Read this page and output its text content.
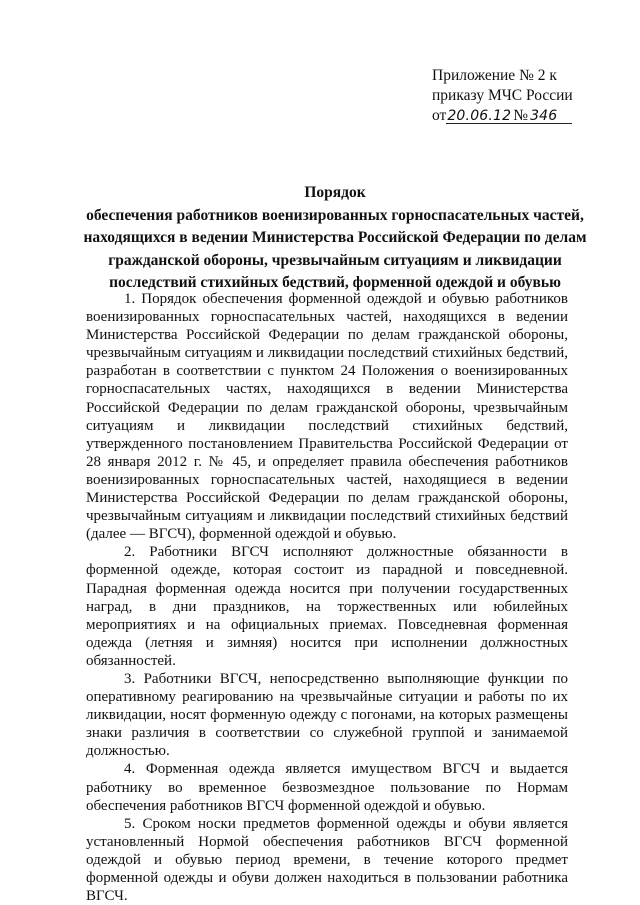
Приложение № 2 к
приказу МЧС России
от20.06.12 № 346
Порядок
обеспечения работников военизированных горноспасательных частей,
находящихся в ведении Министерства Российской Федерации по делам
гражданской обороны, чрезвычайным ситуациям и ликвидации
последствий стихийных бедствий, форменной одеждой и обувью

1. Порядок обеспечения форменной одеждой и обувью работников военизированных горноспасательных частей, находящихся в ведении Министерства Российской Федерации по делам гражданской обороны, чрезвычайным ситуациям и ликвидации последствий стихийных бедствий, разработан в соответствии с пунктом 24 Положения о военизированных горноспасательных частях, находящихся в ведении Министерства Российской Федерации по делам гражданской обороны, чрезвычайным ситуациям и ликвидации последствий стихийных бедствий, утвержденного постановлением Правительства Российской Федерации от 28 января 2012 г. № 45, и определяет правила обеспечения работников военизированных горноспасательных частей, находящиеся в ведении Министерства Российской Федерации по делам гражданской обороны, чрезвычайным ситуациям и ликвидации последствий стихийных бедствий (далее — ВГСЧ), форменной одеждой и обувью.

2. Работники ВГСЧ исполняют должностные обязанности в форменной одежде, которая состоит из парадной и повседневной. Парадная форменная одежда носится при получении государственных наград, в дни праздников, на торжественных или юбилейных мероприятиях и на официальных приемах. Повседневная форменная одежда (летняя и зимняя) носится при исполнении должностных обязанностей.

3. Работники ВГСЧ, непосредственно выполняющие функции по оперативному реагированию на чрезвычайные ситуации и работы по их ликвидации, носят форменную одежду с погонами, на которых размещены знаки различия в соответствии со служебной группой и занимаемой должностью.

4. Форменная одежда является имуществом ВГСЧ и выдается работнику во временное безвозмездное пользование по Нормам обеспечения работников ВГСЧ форменной одеждой и обувью.

5. Сроком носки предметов форменной одежды и обуви является установленный Нормой обеспечения работников ВГСЧ форменной одеждой и обувью период времени, в течение которого предмет форменной одежды и обуви должен находиться в пользовании работника ВГСЧ.
